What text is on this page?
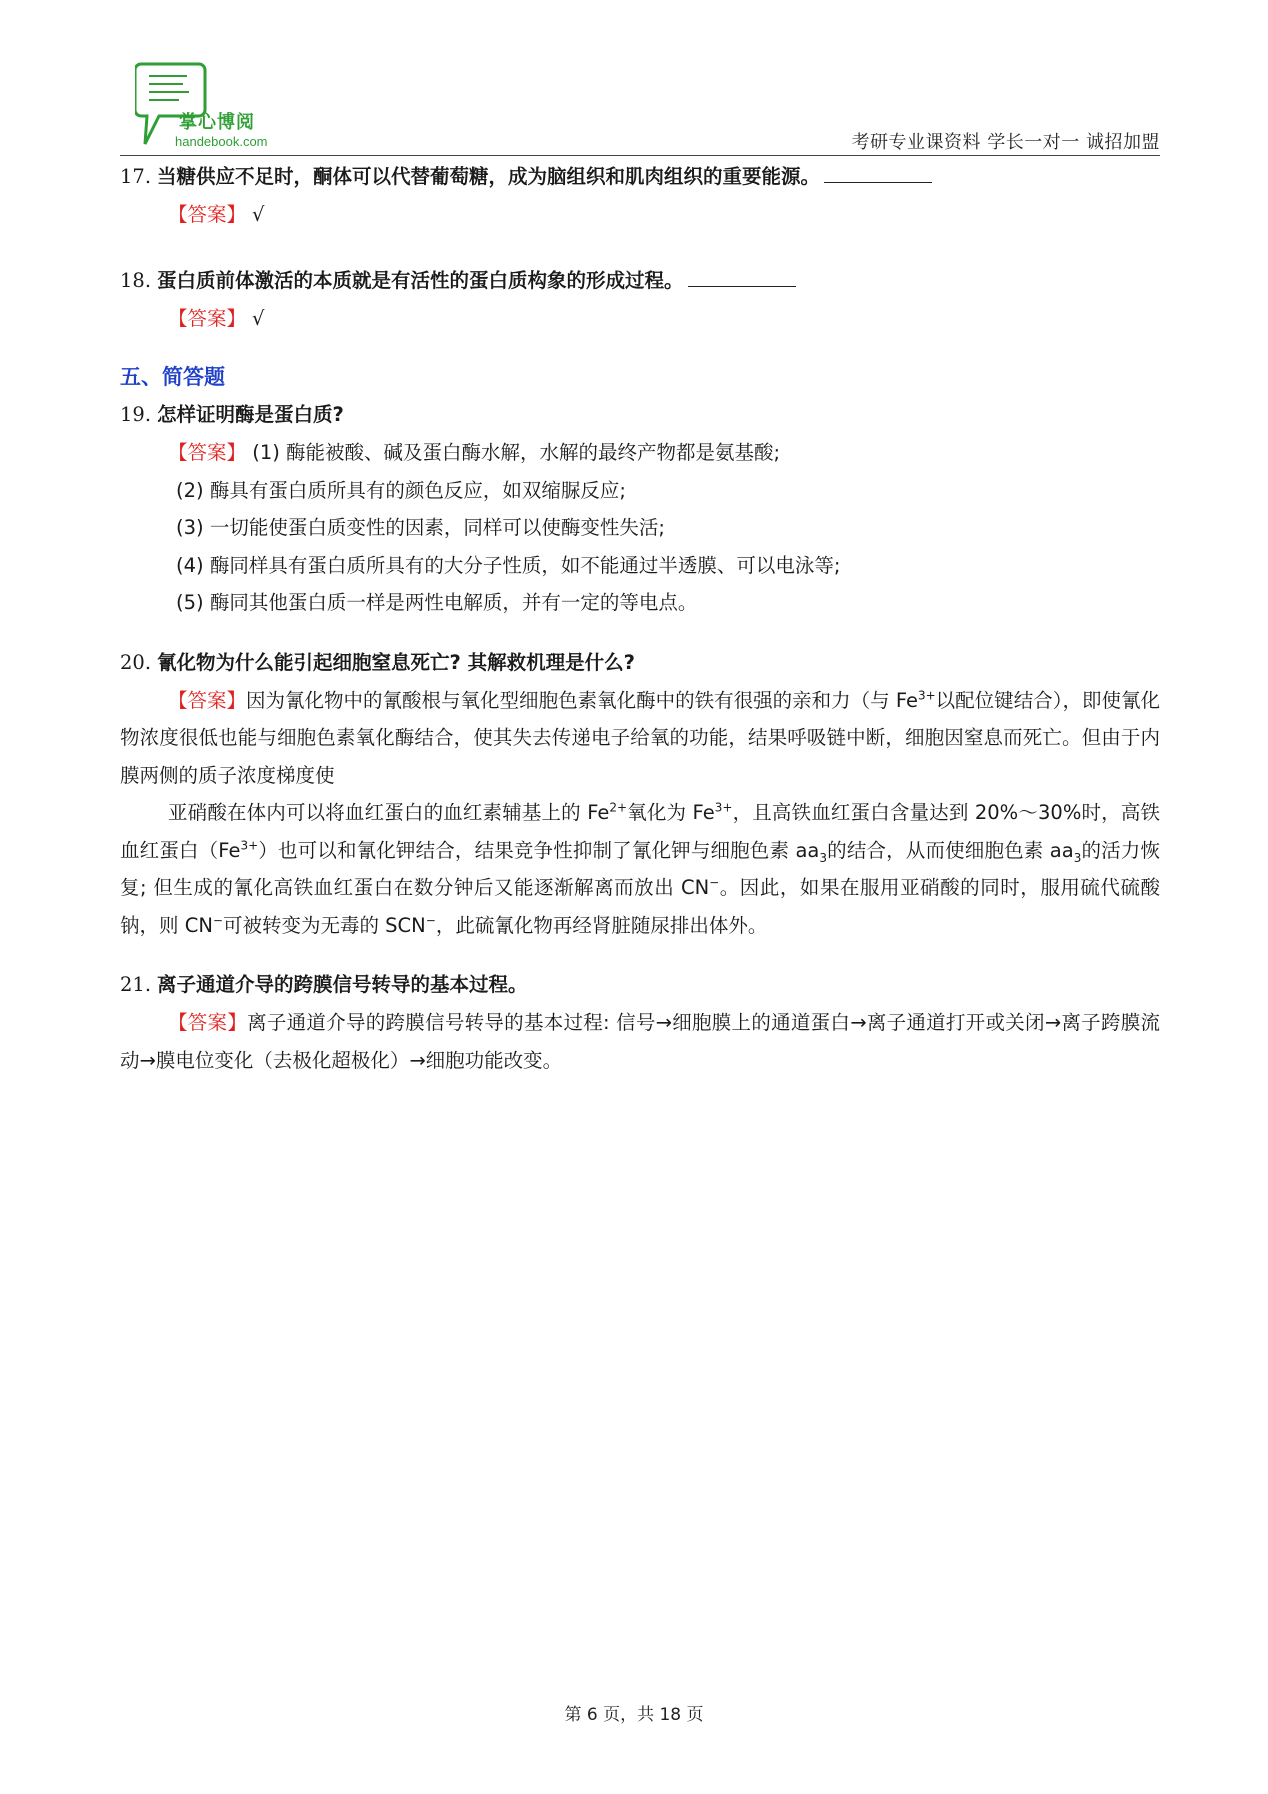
掌心博阅
handebook.com	考研专业课资料 学长一对一 诚招加盟
17. 当糖供应不足时，酮体可以代替葡萄糖，成为脑组织和肌肉组织的重要能源。
【答案】 √
18. 蛋白质前体激活的本质就是有活性的蛋白质构象的形成过程。
【答案】 √
五、简答题
19. 怎样证明酶是蛋白质?
【答案】 (1) 酶能被酸、碱及蛋白酶水解，水解的最终产物都是氨基酸;
(2) 酶具有蛋白质所具有的颜色反应，如双缩脲反应;
(3) 一切能使蛋白质变性的因素，同样可以使酶变性失活;
(4) 酶同样具有蛋白质所具有的大分子性质，如不能通过半透膜、可以电泳等;
(5) 酶同其他蛋白质一样是两性电解质，并有一定的等电点。
20. 氰化物为什么能引起细胞窒息死亡? 其解救机理是什么?
【答案】因为氰化物中的氰酸根与氧化型细胞色素氧化酶中的铁有很强的亲和力（与 $Fe^{3+}$以配位键结合），即使氰化物浓度很低也能与细胞色素氧化酶结合，使其失去传递电子给氧的功能，结果呼吸链中断，细胞因窒息而死亡。但由于内膜两侧的质子浓度梯度使
亚硝酸在体内可以将血红蛋白的血红素辅基上的 $Fe^{2+}$氧化为 $Fe^{3+}$，且高铁血红蛋白含量达到 20%～30%时，高铁血红蛋白$(Fe^{3+})$也可以和氰化钾结合，结果竞争性抑制了氰化钾与细胞色素 $aa_3$的结合，从而使细胞色素 $aa_3$的活力恢复; 但生成的氰化高铁血红蛋白在数分钟后又能逐渐解离而放出 CN−。因此，如果在服用亚硝酸的同时，服用硫代硫酸钠，则 CN−可被转变为无毒的 SCN−，此硫氰化物再经肾脏随尿排出体外。
21. 离子通道介导的跨膜信号转导的基本过程。
【答案】离子通道介导的跨膜信号转导的基本过程: 信号→细胞膜上的通道蛋白→离子通道打开或关闭→离子跨膜流动→膜电位变化（去极化超极化）→细胞功能改变。
第 6 页，共 18 页
